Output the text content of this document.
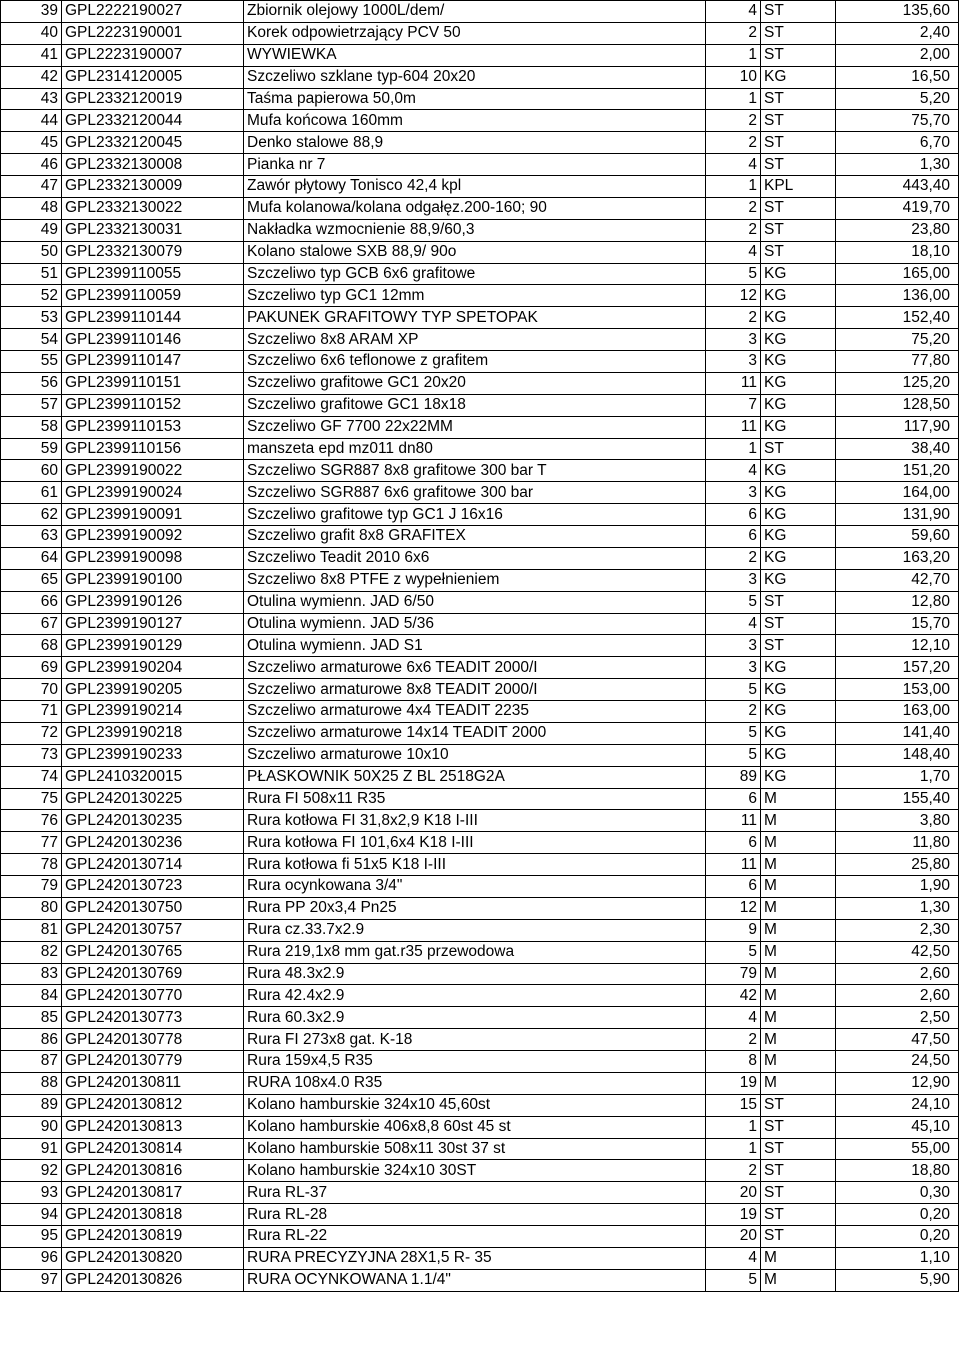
39	GPL2222190027	Zbiornik olejowy 1000L/dem/	4	ST	135,60
40	GPL2223190001	Korek odpowietrzający PCV 50	2	ST	2,40
41	GPL2223190007	WYWIEWKA	1	ST	2,00
42	GPL2314120005	Szczeliwo szklane typ-604 20x20	10	KG	16,50
43	GPL2332120019	Taśma papierowa 50,0m	1	ST	5,20
44	GPL2332120044	Mufa końcowa 160mm	2	ST	75,70
45	GPL2332120045	Denko stalowe 88,9	2	ST	6,70
46	GPL2332130008	Pianka nr 7	4	ST	1,30
47	GPL2332130009	Zawór płytowy Tonisco 42,4 kpl	1	KPL	443,40
48	GPL2332130022	Mufa kolanowa/kolana odgałęz.200-160; 90	2	ST	419,70
49	GPL2332130031	Nakładka wzmocnienie 88,9/60,3	2	ST	23,80
50	GPL2332130079	Kolano stalowe SXB 88,9/ 90o	4	ST	18,10
51	GPL2399110055	Szczeliwo typ GCB 6x6 grafitowe	5	KG	165,00
52	GPL2399110059	Szczeliwo typ GC1 12mm	12	KG	136,00
53	GPL2399110144	PAKUNEK GRAFITOWY TYP SPETOPAK	2	KG	152,40
54	GPL2399110146	Szczeliwo 8x8 ARAM XP	3	KG	75,20
55	GPL2399110147	Szczeliwo 6x6 teflonowe z grafitem	3	KG	77,80
56	GPL2399110151	Szczeliwo grafitowe GC1 20x20	11	KG	125,20
57	GPL2399110152	Szczeliwo grafitowe GC1 18x18	7	KG	128,50
58	GPL2399110153	Szczeliwo GF 7700 22x22MM	11	KG	117,90
59	GPL2399110156	manszeta epd mz011 dn80	1	ST	38,40
60	GPL2399190022	Szczeliwo SGR887 8x8 grafitowe 300 bar T	4	KG	151,20
61	GPL2399190024	Szczeliwo SGR887 6x6 grafitowe 300 bar	3	KG	164,00
62	GPL2399190091	Szczeliwo grafitowe typ GC1 J 16x16	6	KG	131,90
63	GPL2399190092	Szczeliwo grafit 8x8 GRAFITEX	6	KG	59,60
64	GPL2399190098	Szczeliwo Teadit 2010 6x6	2	KG	163,20
65	GPL2399190100	Szczeliwo 8x8 PTFE z wypełnieniem	3	KG	42,70
66	GPL2399190126	Otulina wymienn. JAD 6/50	5	ST	12,80
67	GPL2399190127	Otulina wymienn. JAD 5/36	4	ST	15,70
68	GPL2399190129	Otulina wymienn. JAD S1	3	ST	12,10
69	GPL2399190204	Szczeliwo armaturowe 6x6 TEADIT 2000/I	3	KG	157,20
70	GPL2399190205	Szczeliwo armaturowe 8x8 TEADIT 2000/I	5	KG	153,00
71	GPL2399190214	Szczeliwo armaturowe 4x4 TEADIT 2235	2	KG	163,00
72	GPL2399190218	Szczeliwo armaturowe 14x14 TEADIT 2000	5	KG	141,40
73	GPL2399190233	Szczeliwo armaturowe 10x10	5	KG	148,40
74	GPL2410320015	PŁASKOWNIK 50X25 Z BL 2518G2A	89	KG	1,70
75	GPL2420130225	Rura FI 508x11 R35	6	M	155,40
76	GPL2420130235	Rura kotłowa FI 31,8x2,9 K18 I-III	11	M	3,80
77	GPL2420130236	Rura kotłowa FI 101,6x4 K18 I-III	6	M	11,80
78	GPL2420130714	Rura kotłowa fi 51x5 K18 I-III	11	M	25,80
79	GPL2420130723	Rura ocynkowana 3/4"	6	M	1,90
80	GPL2420130750	Rura PP 20x3,4 Pn25	12	M	1,30
81	GPL2420130757	Rura cz.33.7x2.9	9	M	2,30
82	GPL2420130765	Rura 219,1x8 mm gat.r35 przewodowa	5	M	42,50
83	GPL2420130769	Rura 48.3x2.9	79	M	2,60
84	GPL2420130770	Rura 42.4x2.9	42	M	2,60
85	GPL2420130773	Rura 60.3x2.9	4	M	2,50
86	GPL2420130778	Rura FI 273x8 gat. K-18	2	M	47,50
87	GPL2420130779	Rura 159x4,5 R35	8	M	24,50
88	GPL2420130811	RURA 108x4.0 R35	19	M	12,90
89	GPL2420130812	Kolano hamburskie 324x10 45,60st	15	ST	24,10
90	GPL2420130813	Kolano hamburskie 406x8,8 60st 45 st	1	ST	45,10
91	GPL2420130814	Kolano hamburskie 508x11 30st 37 st	1	ST	55,00
92	GPL2420130816	Kolano hamburskie 324x10 30ST	2	ST	18,80
93	GPL2420130817	Rura RL-37	20	ST	0,30
94	GPL2420130818	Rura RL-28	19	ST	0,20
95	GPL2420130819	Rura RL-22	20	ST	0,20
96	GPL2420130820	RURA PRECYZYJNA 28X1,5 R- 35	4	M	1,10
97	GPL2420130826	RURA OCYNKOWANA 1.1/4"	5	M	5,90
